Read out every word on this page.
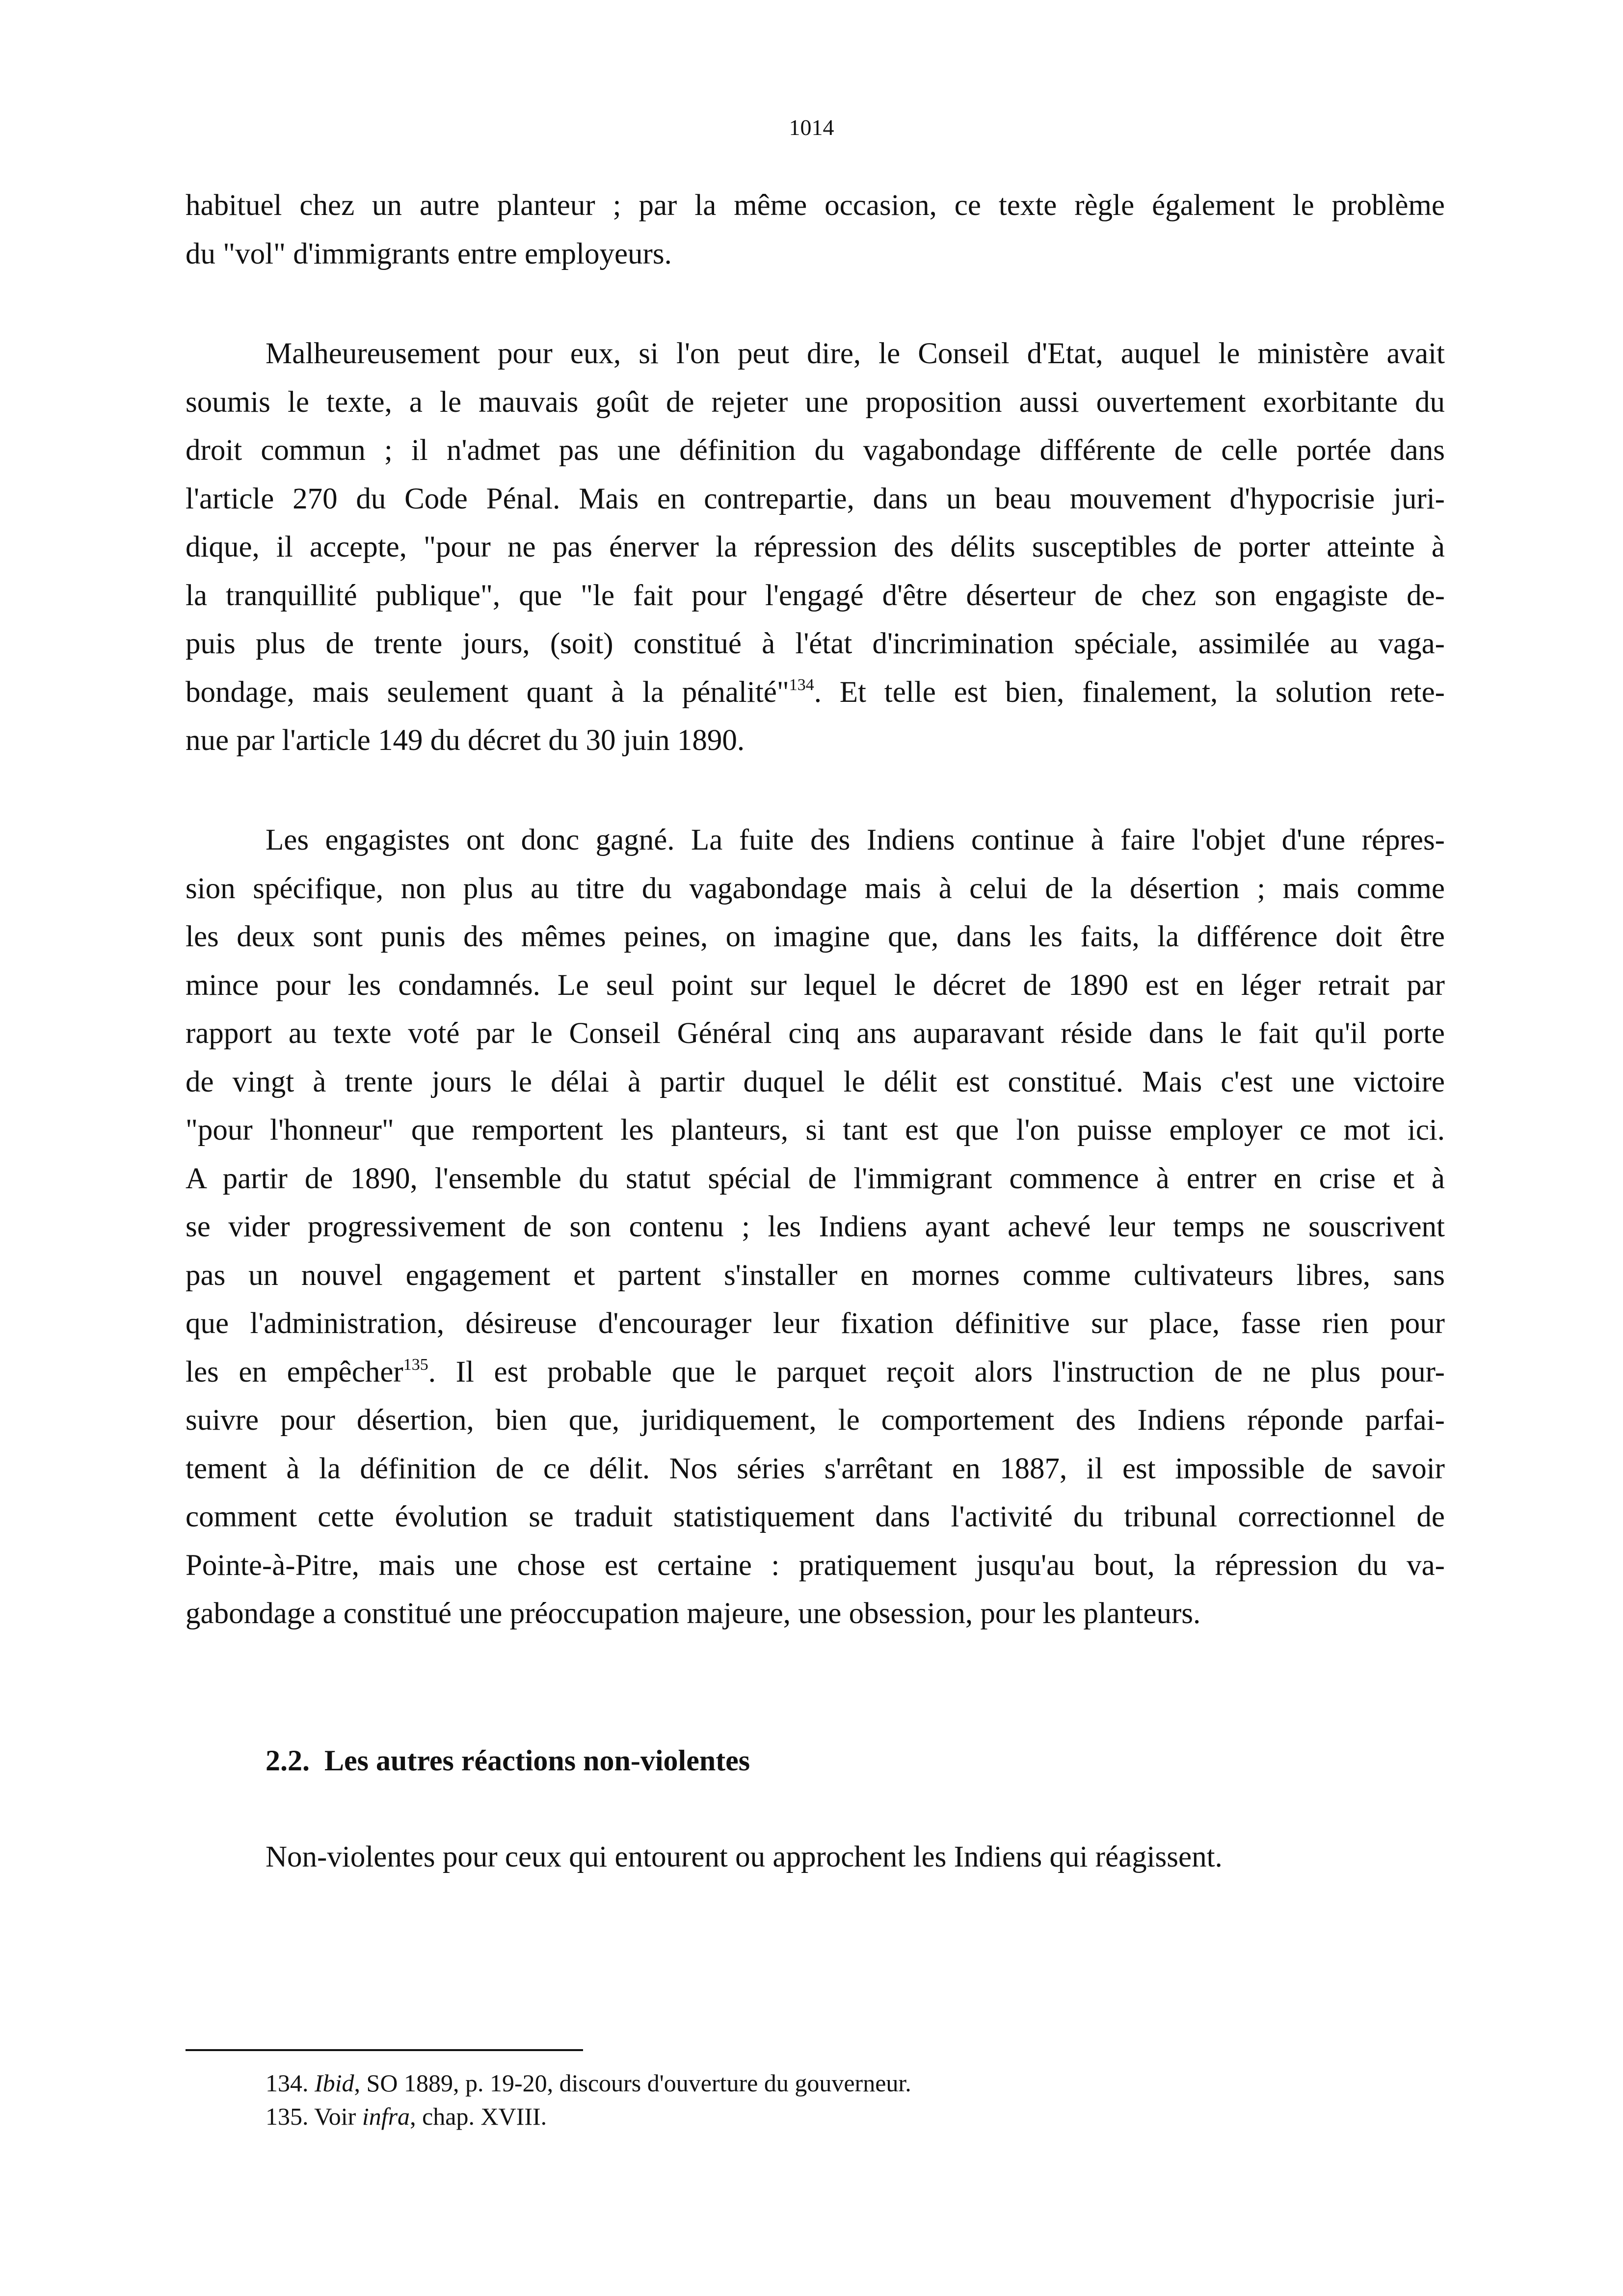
1014
habituel chez un autre planteur ; par la même occasion, ce texte règle également le problème
du "vol" d'immigrants entre employeurs.
Malheureusement pour eux, si l'on peut dire, le Conseil d'Etat, auquel le ministère avait
soumis le texte, a le mauvais goût de rejeter une proposition aussi ouvertement exorbitante du
droit commun ; il n'admet pas une définition du vagabondage différente de celle portée dans
l'article 270 du Code Pénal. Mais en contrepartie, dans un beau mouvement d'hypocrisie juri-
dique, il accepte, "pour ne pas énerver la répression des délits susceptibles de porter atteinte à
la tranquillité publique", que "le fait pour l'engagé d'être déserteur de chez son engagiste de-
puis plus de trente jours, (soit) constitué à l'état d'incrimination spéciale, assimilée au vaga-
bondage, mais seulement quant à la pénalité"$^{134}$. Et telle est bien, finalement, la solution rete-
nue par l'article 149 du décret du 30 juin 1890.
Les engagistes ont donc gagné. La fuite des Indiens continue à faire l'objet d'une répres-
sion spécifique, non plus au titre du vagabondage mais à celui de la désertion ; mais comme
les deux sont punis des mêmes peines, on imagine que, dans les faits, la différence doit être
mince pour les condamnés. Le seul point sur lequel le décret de 1890 est en léger retrait par
rapport au texte voté par le Conseil Général cinq ans auparavant réside dans le fait qu'il porte
de vingt à trente jours le délai à partir duquel le délit est constitué. Mais c'est une victoire
"pour l'honneur" que remportent les planteurs, si tant est que l'on puisse employer ce mot ici.
A partir de 1890, l'ensemble du statut spécial de l'immigrant commence à entrer en crise et à
se vider progressivement de son contenu ; les Indiens ayant achevé leur temps ne souscrivent
pas un nouvel engagement et partent s'installer en mornes comme cultivateurs libres, sans
que l'administration, désireuse d'encourager leur fixation définitive sur place, fasse rien pour
les en empêcher$^{135}$. Il est probable que le parquet reçoit alors l'instruction de ne plus pour-
suivre pour désertion, bien que, juridiquement, le comportement des Indiens réponde parfai-
tement à la définition de ce délit. Nos séries s'arrêtant en 1887, il est impossible de savoir
comment cette évolution se traduit statistiquement dans l'activité du tribunal correctionnel de
Pointe-à-Pitre, mais une chose est certaine : pratiquement jusqu'au bout, la répression du va-
gabondage a constitué une préoccupation majeure, une obsession, pour les planteurs.
2.2. Les autres réactions non-violentes
Non-violentes pour ceux qui entourent ou approchent les Indiens qui réagissent.
134. Ibid, SO 1889, p. 19-20, discours d'ouverture du gouverneur.
135. Voir infra, chap. XVIII.
